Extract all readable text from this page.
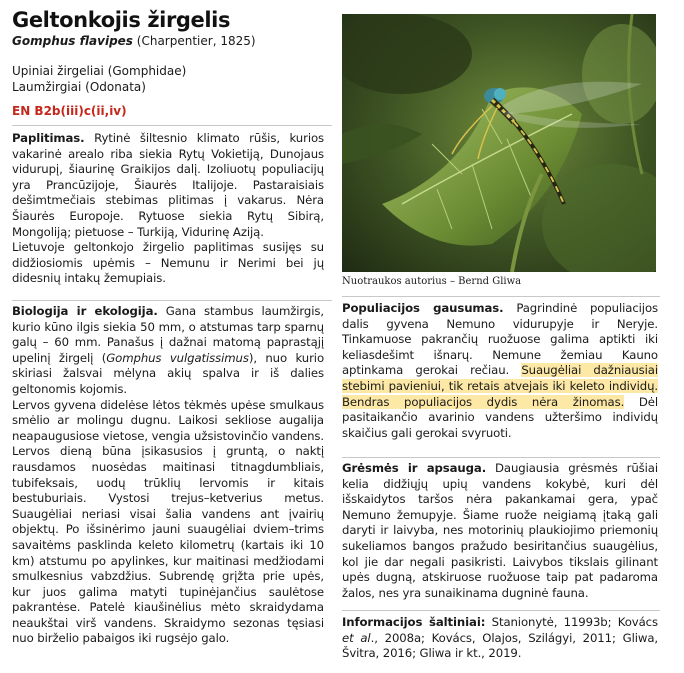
Geltonkojis žirgelis
Gomphus flavipes (Charpentier, 1825)
Upiniai žirgeliai (Gomphidae)
Laumžirgiai (Odonata)
EN B2b(iii)c(ii,iv)

Paplitimas. Rytinė šiltesnio klimato rūšis, kurios vakarinė arealo riba siekia Rytų Vokietiją, Dunojaus vidurupį, šiaurinę Graikijos dalį. Izoliuotų populiacijų yra Prancūzijoje, Šiaurės Italijoje. Pastaraisiais dešimtmečiais stebimas plitimas į vakarus. Nėra Šiaurės Europoje. Rytuose siekia Rytų Sibirą, Mongoliją; pietuose – Turkiją, Vidurinę Aziją.

Lietuvoje geltonkojo žirgelio paplitimas susijęs su didžiosiomis upėmis – Nemunu ir Nerimi bei jų didesnių intakų žemupiais.

Biologija ir ekologija. Gana stambus laumžirgis, kurio kūno ilgis siekia 50 mm, o atstumas tarp sparnų galų – 60 mm. Panašus į dažnai matomą paprastąjį upelinį žirgelį (Gomphus vulgatissimus), nuo kurio skiriasi žalsvai mėlyna akių spalva ir iš dalies geltonomis kojomis.

Lervos gyvena didelėse lėtos tėkmės upėse smulkaus smėlio ar molingu dugnu. Laikosi sekliose augalija neapaugusiose vietose, vengia užsistovinčio vandens. Lervos dieną būna įsikasusios į gruntą, o naktį rausdamos nuosėdas maitinasi titnagdumbliais, tubifeksais, uodų trūklių lervomis ir kitais bestuburiais. Vystosi trejus–ketverius metus. Suaugėliai neriasi visai šalia vandens ant įvairių objektų. Po išsinėrimo jauni suaugėliai dviem–trims savaitėms pasklinda keleto kilometrų (kartais iki 10 km) atstumu po apylinkes, kur maitinasi medžiodami smulkesnius vabzdžius. Subrendę grįžta prie upės, kur juos galima matyti tupinėjančius saulėtose pakrantėse. Patelė kiaušinėlius mėto skraidydama neaukštai virš vandens. Skraidymo sezonas tęsiasi nuo birželio pabaigos iki rugsėjo galo.

Nuotraukos autorius – Bernd Gliwa

Populiacijos gausumas. Pagrindinė populiacijos dalis gyvena Nemuno vidurupyje ir Neryje. Tinkamuose pakrančių ruožuose galima aptikti iki keliasdešimt išnarų. Nemune žemiau Kauno aptinkama gerokai rečiau. Suaugėliai dažniausiai stebimi pavieniui, tik retais atvejais iki keleto individų. Bendras populiacijos dydis nėra žinomas. Dėl pasitaikančio avarinio vandens užteršimo individų skaičius gali gerokai svyruoti.

Grėsmės ir apsauga. Daugiausia grėsmės rūšiai kelia didžiųjų upių vandens kokybė, kuri dėl išskaidytos taršos nėra pakankamai gera, ypač Nemuno žemupyje. Šiame ruože neigiamą įtaką gali daryti ir laivyba, nes motorinių plaukiojimo priemonių sukeliamos bangos pražudo besiritančius suaugėlius, kol jie dar negali pasikristi. Laivybos tikslais gilinant upės dugną, atskiruose ruožuose taip pat padaroma žalos, nes yra sunaikinama dugninė fauna.

Informacijos šaltiniai: Stanionytė, 11993b; Kovács et al., 2008a; Kovács, Olajos, Szilágyi, 2011; Gliwa, Švitra, 2016; Gliwa ir kt., 2019.
